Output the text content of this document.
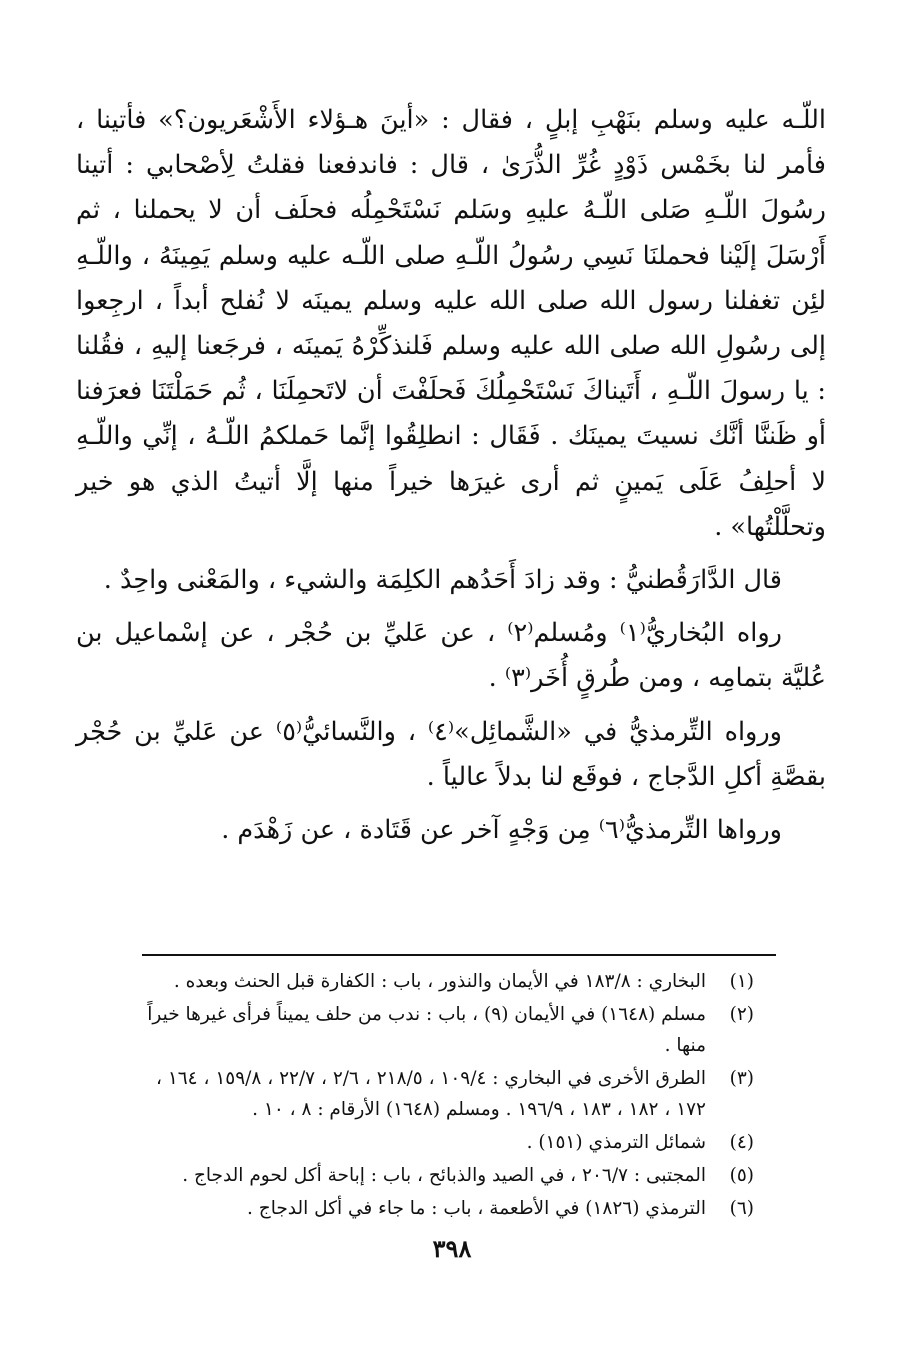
اللّـه عليه وسلم بنَهْبِ إبلٍ ، فقال : «أينَ هـؤلاء الأَشْعَريون؟» فأتينا ، فأمر لنا بخَمْس ذَوْدٍ غُرِّ الذُّرَىٰ ، قال : فاندفعنا فقلتُ لِأصْحابي : أتينا رسُولَ اللّـهِ صَلى اللّـهُ عليهِ وسَلم نَسْتَحْمِلُه فحلَف أن لا يحملنا ، ثم أَرْسَلَ إلَيْنا فحملنَا نَسِي رسُولُ اللّـهِ صلى اللّـه عليه وسلم يَمِينَهُ ، واللّـهِ لئِن تغفلنا رسول الله صلى الله عليه وسلم يمينَه لا نُفلح أبداً ، ارجِعوا إلى رسُولِ الله صلى الله عليه وسلم فَلنذكِّرْهُ يَمينَه ، فرجَعنا إليهِ ، فقُلنا : يا رسولَ اللّـهِ ، أَتَيناكَ نَسْتَحْمِلُكَ فَحلَفْتَ أن لاتَحمِلَنَا ، ثُم حَمَلْتَنَا فعرَفنا أو ظَننَّا أنَّك نسيتَ يمينَك . فَقَال : انطلِقُوا إنَّما حَملكمُ اللّـهُ ، إنِّي واللّـهِ لا أحلِفُ عَلَى يَمينٍ ثم أرى غيرَها خيراً منها إلَّا أتيتُ الذي هو خير وتحلَّلْتُها» .

قال الدَّارَقُطنيُّ : وقد زادَ أَحَدُهم الكلِمَة والشيء ، والمَعْنى واحِدٌ .

رواه البُخاريُّ⁽١⁾ ومُسلم⁽٢⁾ ، عن عَليِّ بن حُجْر ، عن إسْماعيل بن عُليَّة بتمامِه ، ومن طُرقٍ أُخَر⁽٣⁾ .

ورواه التِّرمذيُّ في «الشَّمائِل»⁽٤⁾ ، والنَّسائيُّ⁽٥⁾ عن عَليِّ بن حُجْر بقصَّةِ أكلِ الدَّجاج ، فوقَع لنا بدلاً عالياً .

ورواها التِّرمذيُّ⁽٦⁾ مِن وَجْهٍ آخر عن قَتَادة ، عن زَهْدَم .

(١)
البخاري : ١٨٣/٨ في الأيمان والنذور ، باب : الكفارة قبل الحنث وبعده .
(٢)
مسلم (١٦٤٨) في الأيمان (٩) ، باب : ندب من حلف يميناً فرأى غيرها خيراً منها .
(٣)
الطرق الأخرى في البخاري : ١٠٩/٤ ، ٢١٨/٥ ، ٢/٦ ، ٢٢/٧ ، ١٥٩/٨ ، ١٦٤ ، ١٧٢ ، ١٨٢ ، ١٨٣ ، ١٩٦/٩ . ومسلم (١٦٤٨) الأرقام : ٨ ، ١٠ .
(٤)
شمائل الترمذي (١٥١) .
(٥)
المجتبى : ٢٠٦/٧ ، في الصيد والذبائح ، باب : إباحة أكل لحوم الدجاج .
(٦)
الترمذي (١٨٢٦) في الأطعمة ، باب : ما جاء في أكل الدجاج .
٣٩٨
